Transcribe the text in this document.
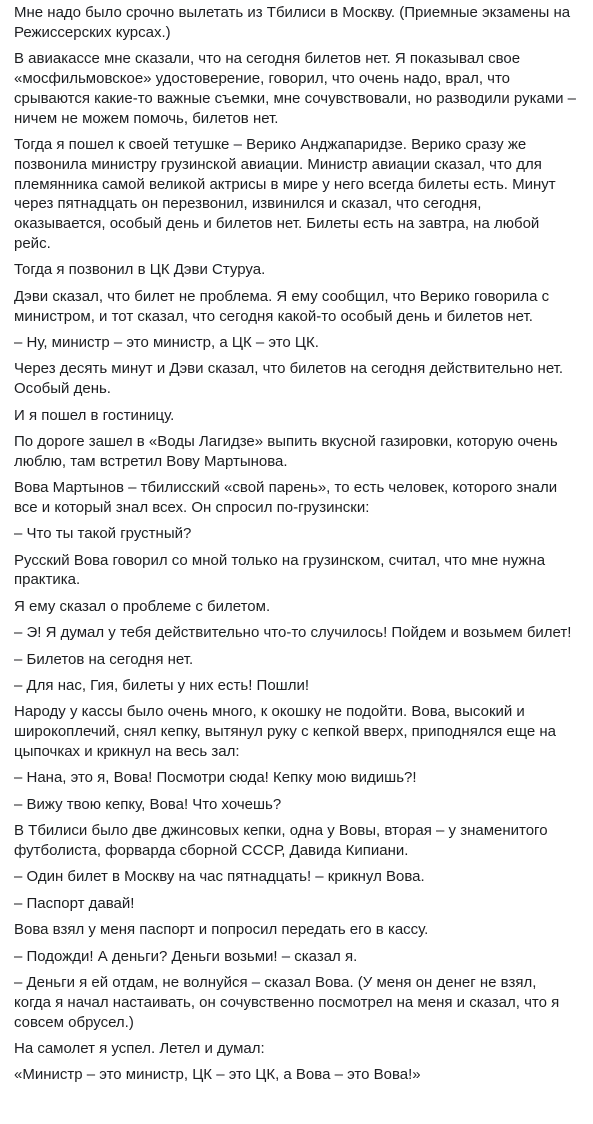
Мне надо было срочно вылетать из Тбилиси в Москву. (Приемные экзамены на Режиссерских курсах.)

В авиакассе мне сказали, что на сегодня билетов нет. Я показывал свое «мосфильмовское» удостоверение, говорил, что очень надо, врал, что срываются какие-то важные съемки, мне сочувствовали, но разводили руками – ничем не можем помочь, билетов нет.

Тогда я пошел к своей тетушке – Верико Анджапаридзе. Верико сразу же позвонила министру грузинской авиации. Министр авиации сказал, что для племянника самой великой актрисы в мире у него всегда билеты есть. Минут через пятнадцать он перезвонил, извинился и сказал, что сегодня, оказывается, особый день и билетов нет. Билеты есть на завтра, на любой рейс.

Тогда я позвонил в ЦК Дэви Стуруа.

Дэви сказал, что билет не проблема. Я ему сообщил, что Верико говорила с министром, и тот сказал, что сегодня какой-то особый день и билетов нет.

– Ну, министр – это министр, а ЦК – это ЦК.

Через десять минут и Дэви сказал, что билетов на сегодня действительно нет. Особый день.

И я пошел в гостиницу.

По дороге зашел в «Воды Лагидзе» выпить вкусной газировки, которую очень люблю, там встретил Вову Мартынова.

Вова Мартынов – тбилисский «свой парень», то есть человек, которого знали все и который знал всех. Он спросил по-грузински:

– Что ты такой грустный?

Русский Вова говорил со мной только на грузинском, считал, что мне нужна практика.

Я ему сказал о проблеме с билетом.

– Э! Я думал у тебя действительно что-то случилось! Пойдем и возьмем билет!

– Билетов на сегодня нет.

– Для нас, Гия, билеты у них есть! Пошли!

Народу у кассы было очень много, к окошку не подойти. Вова, высокий и широкоплечий, снял кепку, вытянул руку с кепкой вверх, приподнялся еще на цыпочках и крикнул на весь зал:

– Нана, это я, Вова! Посмотри сюда! Кепку мою видишь?!

– Вижу твою кепку, Вова! Что хочешь?

В Тбилиси было две джинсовых кепки, одна у Вовы, вторая – у знаменитого футболиста, форварда сборной СССР, Давида Кипиани.

– Один билет в Москву на час пятнадцать! – крикнул Вова.

– Паспорт давай!

Вова взял у меня паспорт и попросил передать его в кассу.

– Подожди! А деньги? Деньги возьми! – сказал я.

– Деньги я ей отдам, не волнуйся – сказал Вова. (У меня он денег не взял, когда я начал настаивать, он сочувственно посмотрел на меня и сказал, что я совсем обрусел.)

На самолет я успел. Летел и думал:

«Министр – это министр, ЦК – это ЦК, а Вова – это Вова!»
